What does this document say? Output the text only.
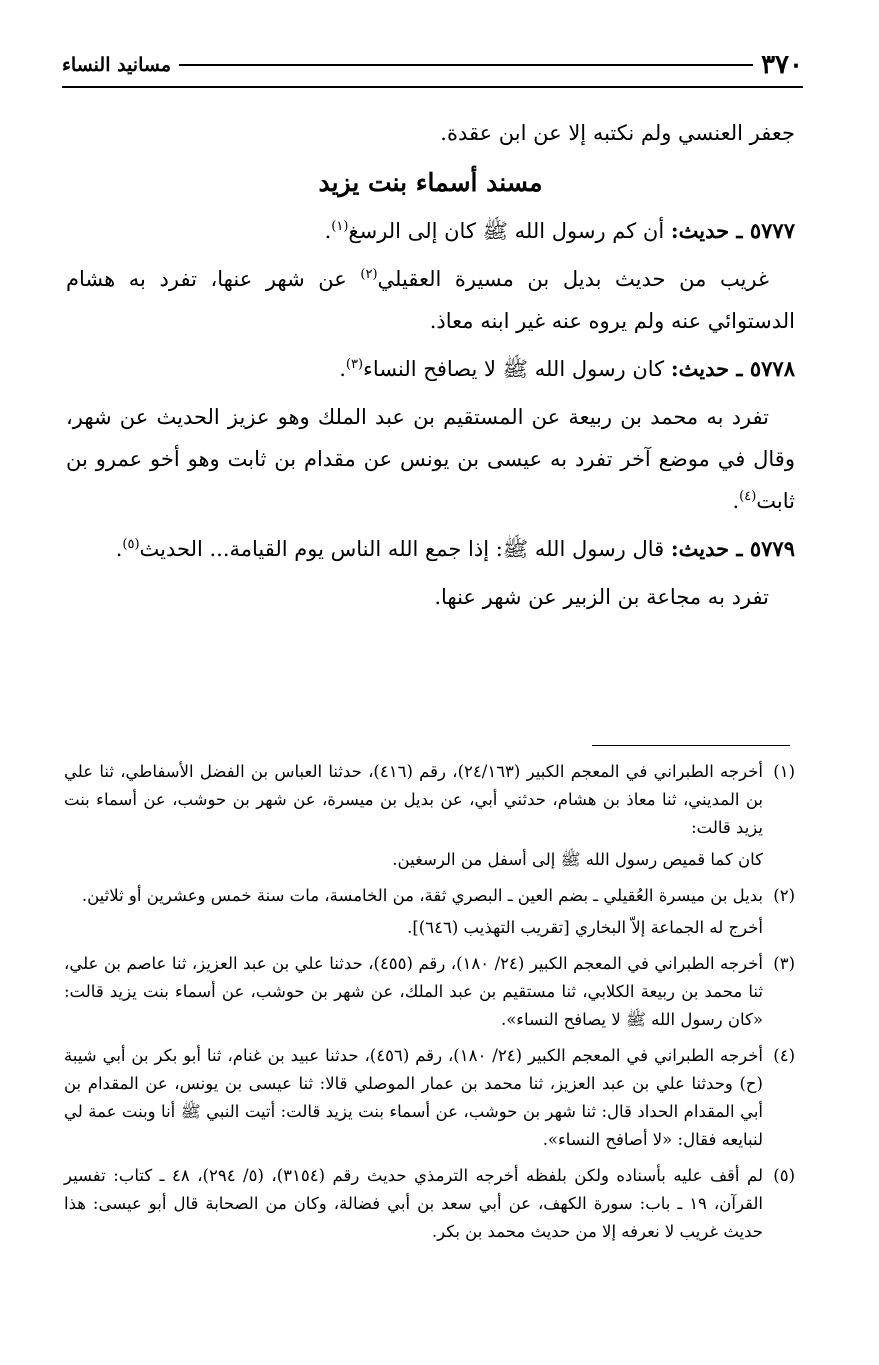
٣٧٠
مسانيد النساء

جعفر العنسي ولم نكتبه إلا عن ابن عقدة.

مسند أسماء بنت يزيد

٥٧٧٧ ـ حديث: أن كم رسول الله ﷺ كان إلى الرسغ$^{(١)}$.

غريب من حديث بديل بن مسيرة العقيلي$^{(٢)}$ عن شهر عنها، تفرد به هشام الدستوائي عنه ولم يروه عنه غير ابنه معاذ.

٥٧٧٨ ـ حديث: كان رسول الله ﷺ لا يصافح النساء$^{(٣)}$.

تفرد به محمد بن ربيعة عن المستقيم بن عبد الملك وهو عزيز الحديث عن شهر، وقال في موضع آخر تفرد به عيسى بن يونس عن مقدام بن ثابت وهو أخو عمرو بن ثابت$^{(٤)}$.

٥٧٧٩ ـ حديث: قال رسول الله ﷺ: إذا جمع الله الناس يوم القيامة... الحديث$^{(٥)}$.

تفرد به مجاعة بن الزبير عن شهر عنها.

(١)

أخرجه الطبراني في المعجم الكبير (٢٤/١٦٣)، رقم (٤١٦)، حدثنا العباس بن الفضل الأسفاطي، ثنا علي بن المديني، ثنا معاذ بن هشام، حدثني أبي، عن بديل بن ميسرة، عن شهر بن حوشب، عن أسماء بنت يزيد قالت:

كان كما قميص رسول الله ﷺ إلى أسفل من الرسغين.

(٢)

بديل بن ميسرة العُقيلي ـ بضم العين ـ البصري ثقة، من الخامسة، مات سنة خمس وعشرين أو ثلاثين.

أخرج له الجماعة إلاّ البخاري [تقريب التهذيب (٦٤٦)].

(٣)

أخرجه الطبراني في المعجم الكبير (٢٤/ ١٨٠)، رقم (٤٥٥)، حدثنا علي بن عبد العزيز، ثنا عاصم بن علي، ثنا محمد بن ربيعة الكلابي، ثنا مستقيم بن عبد الملك، عن شهر بن حوشب، عن أسماء بنت يزيد قالت: «كان رسول الله ﷺ لا يصافح النساء».

(٤)

أخرجه الطبراني في المعجم الكبير (٢٤/ ١٨٠)، رقم (٤٥٦)، حدثنا عبيد بن غنام، ثنا أبو بكر بن أبي شيبة (ح) وحدثنا علي بن عبد العزيز، ثنا محمد بن عمار الموصلي قالا: ثنا عيسى بن يونس، عن المقدام بن أبي المقدام الحداد قال: ثنا شهر بن حوشب، عن أسماء بنت يزيد قالت: أتيت النبي ﷺ أنا وبنت عمة لي لنبايعه فقال: «لا أصافح النساء».

(٥)

لم أقف عليه بأسناده ولكن بلفظه أخرجه الترمذي حديث رقم (٣١٥٤)، (٥/ ٢٩٤)، ٤٨ ـ كتاب: تفسير القرآن، ١٩ ـ باب: سورة الكهف، عن أبي سعد بن أبي فضالة، وكان من الصحابة قال أبو عيسى: هذا حديث غريب لا نعرفه إلا من حديث محمد بن بكر.
